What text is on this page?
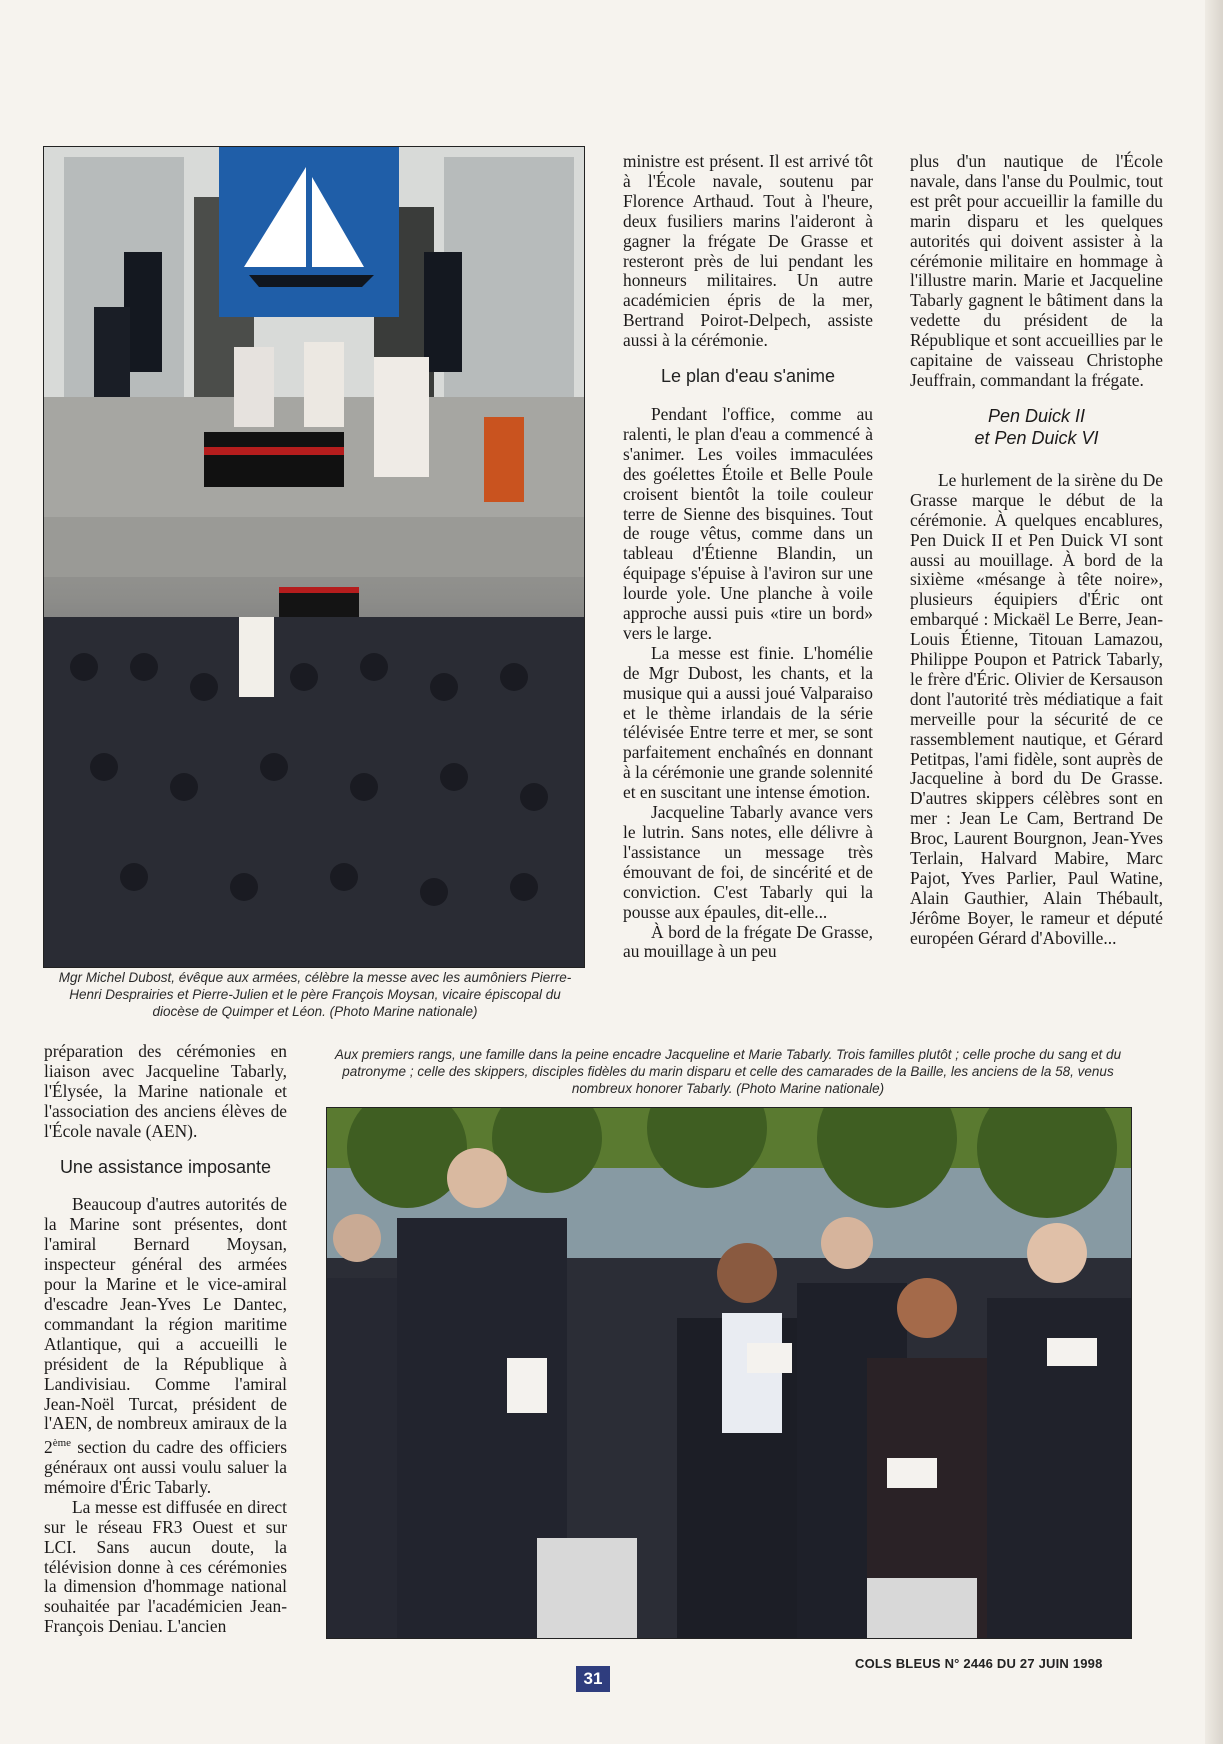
Mgr Michel Dubost, évêque aux armées, célèbre la messe avec les aumôniers Pierre-Henri Desprairies et Pierre-Julien et le père François Moysan, vicaire épiscopal du diocèse de Quimper et Léon. (Photo Marine nationale)

préparation des cérémonies en liaison avec Jacqueline Tabarly, l'Élysée, la Marine nationale et l'association des anciens élèves de l'École navale (AEN).

Une assistance imposante

Beaucoup d'autres autorités de la Marine sont présentes, dont l'amiral Bernard Moysan, inspecteur général des armées pour la Marine et le vice-amiral d'escadre Jean-Yves Le Dantec, commandant la région maritime Atlantique, qui a accueilli le président de la République à Landivisiau. Comme l'amiral Jean-Noël Turcat, président de l'AEN, de nombreux amiraux de la 2ème section du cadre des officiers généraux ont aussi voulu saluer la mémoire d'Éric Tabarly.

La messe est diffusée en direct sur le réseau FR3 Ouest et sur LCI. Sans aucun doute, la télévision donne à ces cérémonies la dimension d'hommage national souhaitée par l'académicien Jean-François Deniau. L'ancien

ministre est présent. Il est arrivé tôt à l'École navale, soutenu par Florence Arthaud. Tout à l'heure, deux fusiliers marins l'aideront à gagner la frégate De Grasse et resteront près de lui pendant les honneurs militaires. Un autre académicien épris de la mer, Bertrand Poirot-Delpech, assiste aussi à la cérémonie.

Le plan d'eau s'anime

Pendant l'office, comme au ralenti, le plan d'eau a commencé à s'animer. Les voiles immaculées des goélettes Étoile et Belle Poule croisent bientôt la toile couleur terre de Sienne des bisquines. Tout de rouge vêtus, comme dans un tableau d'Étienne Blandin, un équipage s'épuise à l'aviron sur une lourde yole. Une planche à voile approche aussi puis «tire un bord» vers le large.

La messe est finie. L'homélie de Mgr Dubost, les chants, et la musique qui a aussi joué Valparaiso et le thème irlandais de la série télévisée Entre terre et mer, se sont parfaitement enchaînés en donnant à la cérémonie une grande solennité et en suscitant une intense émotion.

Jacqueline Tabarly avance vers le lutrin. Sans notes, elle délivre à l'assistance un message très émouvant de foi, de sincérité et de conviction. C'est Tabarly qui la pousse aux épaules, dit-elle...

À bord de la frégate De Grasse, au mouillage à un peu

plus d'un nautique de l'École navale, dans l'anse du Poulmic, tout est prêt pour accueillir la famille du marin disparu et les quelques autorités qui doivent assister à la cérémonie militaire en hommage à l'illustre marin. Marie et Jacqueline Tabarly gagnent le bâtiment dans la vedette du président de la République et sont accueillies par le capitaine de vaisseau Christophe Jeuffrain, commandant la frégate.

Pen Duick II
et Pen Duick VI

Le hurlement de la sirène du De Grasse marque le début de la cérémonie. À quelques encablures, Pen Duick II et Pen Duick VI sont aussi au mouillage. À bord de la sixième «mésange à tête noire», plusieurs équipiers d'Éric ont embarqué : Mickaël Le Berre, Jean-Louis Étienne, Titouan Lamazou, Philippe Poupon et Patrick Tabarly, le frère d'Éric. Olivier de Kersauson dont l'autorité très médiatique a fait merveille pour la sécurité de ce rassemblement nautique, et Gérard Petitpas, l'ami fidèle, sont auprès de Jacqueline à bord du De Grasse. D'autres skippers célèbres sont en mer : Jean Le Cam, Bertrand De Broc, Laurent Bourgnon, Jean-Yves Terlain, Halvard Mabire, Marc Pajot, Yves Parlier, Paul Watine, Alain Gauthier, Alain Thébault, Jérôme Boyer, le rameur et député européen Gérard d'Aboville...

Aux premiers rangs, une famille dans la peine encadre Jacqueline et Marie Tabarly. Trois familles plutôt ; celle proche du sang et du patronyme ; celle des skippers, disciples fidèles du marin disparu et celle des camarades de la Baille, les anciens de la 58, venus nombreux honorer Tabarly. (Photo Marine nationale)
31
COLS BLEUS N° 2446 DU 27 JUIN 1998
